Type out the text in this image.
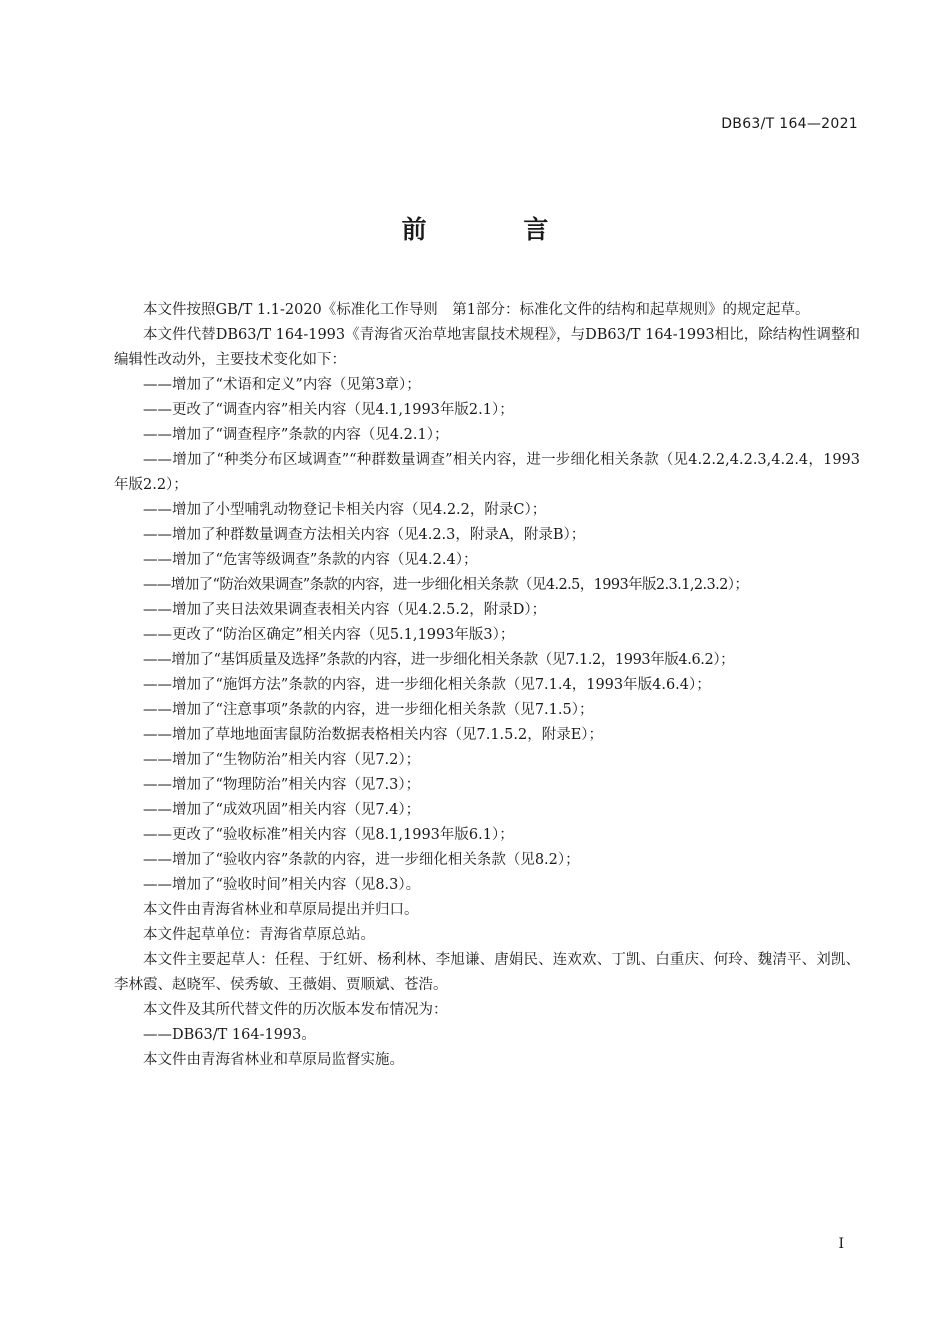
DB63/T 164—2021
前 言

本文件按照GB/T 1.1-2020《标准化工作导则　第1部分：标准化文件的结构和起草规则》的规定起草。

本文件代替DB63/T 164-1993《青海省灭治草地害鼠技术规程》，与DB63/T 164-1993相比，除结构性调整和编辑性改动外，主要技术变化如下：

——增加了“术语和定义”内容（见第3章）；

——更改了“调查内容”相关内容（见4.1,1993年版2.1）；

——增加了“调查程序”条款的内容（见4.2.1）；

——增加了“种类分布区域调查”“种群数量调查”相关内容，进一步细化相关条款（见4.2.2,4.2.3,4.2.4，1993年版2.2）；

——增加了小型哺乳动物登记卡相关内容（见4.2.2，附录C）；

——增加了种群数量调查方法相关内容（见4.2.3，附录A，附录B）；

——增加了“危害等级调查”条款的内容（见4.2.4）；

——增加了“防治效果调查”条款的内容，进一步细化相关条款（见4.2.5，1993年版2.3.1,2.3.2）；

——增加了夹日法效果调查表相关内容（见4.2.5.2，附录D）；

——更改了“防治区确定”相关内容（见5.1,1993年版3）；

——增加了“基饵质量及选择”条款的内容，进一步细化相关条款（见7.1.2，1993年版4.6.2）；

——增加了“施饵方法”条款的内容，进一步细化相关条款（见7.1.4，1993年版4.6.4）；

——增加了“注意事项”条款的内容，进一步细化相关条款（见7.1.5）；

——增加了草地地面害鼠防治数据表格相关内容（见7.1.5.2，附录E）；

——增加了“生物防治”相关内容（见7.2）；

——增加了“物理防治”相关内容（见7.3）；

——增加了“成效巩固”相关内容（见7.4）；

——更改了“验收标准”相关内容（见8.1,1993年版6.1）；

——增加了“验收内容”条款的内容，进一步细化相关条款（见8.2）；

——增加了“验收时间”相关内容（见8.3）。

本文件由青海省林业和草原局提出并归口。

本文件起草单位：青海省草原总站。

本文件主要起草人：任程、于红妍、杨利林、李旭谦、唐娟民、连欢欢、丁凯、白重庆、何玲、魏清平、刘凯、李林霞、赵晓军、侯秀敏、王薇娟、贾顺斌、苍浩。

本文件及其所代替文件的历次版本发布情况为：

——DB63/T 164-1993。

本文件由青海省林业和草原局监督实施。

I
